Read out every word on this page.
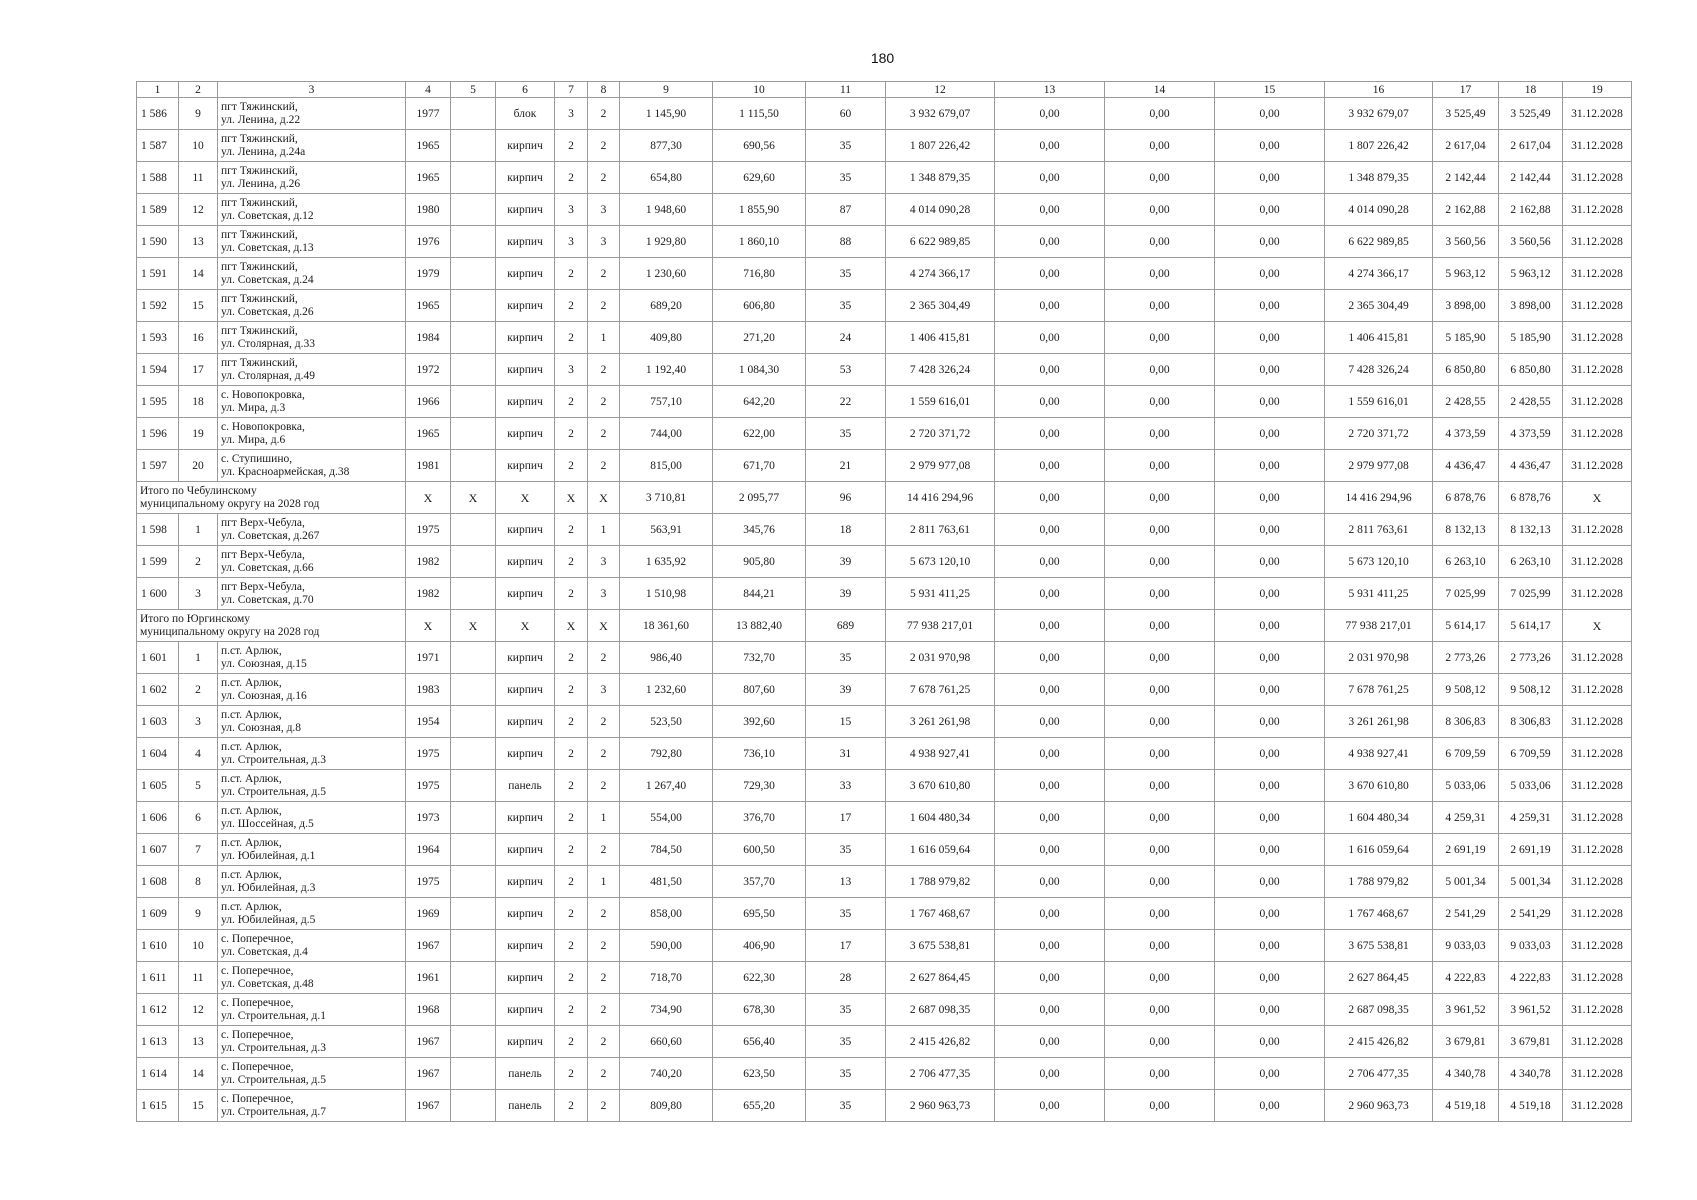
180
1	2	3	4	5	6	7	8	9	10	11	12	13	14	15	16	17	18	19
1 586	9	пгт Тяжинский,
ул. Ленина, д.22	1977		блок	3	2	1 145,90	1 115,50	60	3 932 679,07	0,00	0,00	0,00	3 932 679,07	3 525,49	3 525,49	31.12.2028
1 587	10	пгт Тяжинский,
ул. Ленина, д.24а	1965		кирпич	2	2	877,30	690,56	35	1 807 226,42	0,00	0,00	0,00	1 807 226,42	2 617,04	2 617,04	31.12.2028
1 588	11	пгт Тяжинский,
ул. Ленина, д.26	1965		кирпич	2	2	654,80	629,60	35	1 348 879,35	0,00	0,00	0,00	1 348 879,35	2 142,44	2 142,44	31.12.2028
1 589	12	пгт Тяжинский,
ул. Советская, д.12	1980		кирпич	3	3	1 948,60	1 855,90	87	4 014 090,28	0,00	0,00	0,00	4 014 090,28	2 162,88	2 162,88	31.12.2028
1 590	13	пгт Тяжинский,
ул. Советская, д.13	1976		кирпич	3	3	1 929,80	1 860,10	88	6 622 989,85	0,00	0,00	0,00	6 622 989,85	3 560,56	3 560,56	31.12.2028
1 591	14	пгт Тяжинский,
ул. Советская, д.24	1979		кирпич	2	2	1 230,60	716,80	35	4 274 366,17	0,00	0,00	0,00	4 274 366,17	5 963,12	5 963,12	31.12.2028
1 592	15	пгт Тяжинский,
ул. Советская, д.26	1965		кирпич	2	2	689,20	606,80	35	2 365 304,49	0,00	0,00	0,00	2 365 304,49	3 898,00	3 898,00	31.12.2028
1 593	16	пгт Тяжинский,
ул. Столярная, д.33	1984		кирпич	2	1	409,80	271,20	24	1 406 415,81	0,00	0,00	0,00	1 406 415,81	5 185,90	5 185,90	31.12.2028
1 594	17	пгт Тяжинский,
ул. Столярная, д.49	1972		кирпич	3	2	1 192,40	1 084,30	53	7 428 326,24	0,00	0,00	0,00	7 428 326,24	6 850,80	6 850,80	31.12.2028
1 595	18	с. Новопокровка,
ул. Мира, д.3	1966		кирпич	2	2	757,10	642,20	22	1 559 616,01	0,00	0,00	0,00	1 559 616,01	2 428,55	2 428,55	31.12.2028
1 596	19	с. Новопокровка,
ул. Мира, д.6	1965		кирпич	2	2	744,00	622,00	35	2 720 371,72	0,00	0,00	0,00	2 720 371,72	4 373,59	4 373,59	31.12.2028
1 597	20	с. Ступишино,
ул. Красноармейская, д.38	1981		кирпич	2	2	815,00	671,70	21	2 979 977,08	0,00	0,00	0,00	2 979 977,08	4 436,47	4 436,47	31.12.2028
Итого по Чебулинскому
муниципальному округу на 2028 год			Х	Х	Х	Х	Х	3 710,81	2 095,77	96	14 416 294,96	0,00	0,00	0,00	14 416 294,96	6 878,76	6 878,76	Х
1 598	1	пгт Верх-Чебула,
ул. Советская, д.267	1975		кирпич	2	1	563,91	345,76	18	2 811 763,61	0,00	0,00	0,00	2 811 763,61	8 132,13	8 132,13	31.12.2028
1 599	2	пгт Верх-Чебула,
ул. Советская, д.66	1982		кирпич	2	3	1 635,92	905,80	39	5 673 120,10	0,00	0,00	0,00	5 673 120,10	6 263,10	6 263,10	31.12.2028
1 600	3	пгт Верх-Чебула,
ул. Советская, д.70	1982		кирпич	2	3	1 510,98	844,21	39	5 931 411,25	0,00	0,00	0,00	5 931 411,25	7 025,99	7 025,99	31.12.2028
Итого по Юргинскому
муниципальному округу на 2028 год			Х	Х	Х	Х	Х	18 361,60	13 882,40	689	77 938 217,01	0,00	0,00	0,00	77 938 217,01	5 614,17	5 614,17	Х
1 601	1	п.ст. Арлюк,
ул. Союзная, д.15	1971		кирпич	2	2	986,40	732,70	35	2 031 970,98	0,00	0,00	0,00	2 031 970,98	2 773,26	2 773,26	31.12.2028
1 602	2	п.ст. Арлюк,
ул. Союзная, д.16	1983		кирпич	2	3	1 232,60	807,60	39	7 678 761,25	0,00	0,00	0,00	7 678 761,25	9 508,12	9 508,12	31.12.2028
1 603	3	п.ст. Арлюк,
ул. Союзная, д.8	1954		кирпич	2	2	523,50	392,60	15	3 261 261,98	0,00	0,00	0,00	3 261 261,98	8 306,83	8 306,83	31.12.2028
1 604	4	п.ст. Арлюк,
ул. Строительная, д.3	1975		кирпич	2	2	792,80	736,10	31	4 938 927,41	0,00	0,00	0,00	4 938 927,41	6 709,59	6 709,59	31.12.2028
1 605	5	п.ст. Арлюк,
ул. Строительная, д.5	1975		панель	2	2	1 267,40	729,30	33	3 670 610,80	0,00	0,00	0,00	3 670 610,80	5 033,06	5 033,06	31.12.2028
1 606	6	п.ст. Арлюк,
ул. Шоссейная, д.5	1973		кирпич	2	1	554,00	376,70	17	1 604 480,34	0,00	0,00	0,00	1 604 480,34	4 259,31	4 259,31	31.12.2028
1 607	7	п.ст. Арлюк,
ул. Юбилейная, д.1	1964		кирпич	2	2	784,50	600,50	35	1 616 059,64	0,00	0,00	0,00	1 616 059,64	2 691,19	2 691,19	31.12.2028
1 608	8	п.ст. Арлюк,
ул. Юбилейная, д.3	1975		кирпич	2	1	481,50	357,70	13	1 788 979,82	0,00	0,00	0,00	1 788 979,82	5 001,34	5 001,34	31.12.2028
1 609	9	п.ст. Арлюк,
ул. Юбилейная, д.5	1969		кирпич	2	2	858,00	695,50	35	1 767 468,67	0,00	0,00	0,00	1 767 468,67	2 541,29	2 541,29	31.12.2028
1 610	10	с. Поперечное,
ул. Советская, д.4	1967		кирпич	2	2	590,00	406,90	17	3 675 538,81	0,00	0,00	0,00	3 675 538,81	9 033,03	9 033,03	31.12.2028
1 611	11	с. Поперечное,
ул. Советская, д.48	1961		кирпич	2	2	718,70	622,30	28	2 627 864,45	0,00	0,00	0,00	2 627 864,45	4 222,83	4 222,83	31.12.2028
1 612	12	с. Поперечное,
ул. Строительная, д.1	1968		кирпич	2	2	734,90	678,30	35	2 687 098,35	0,00	0,00	0,00	2 687 098,35	3 961,52	3 961,52	31.12.2028
1 613	13	с. Поперечное,
ул. Строительная, д.3	1967		кирпич	2	2	660,60	656,40	35	2 415 426,82	0,00	0,00	0,00	2 415 426,82	3 679,81	3 679,81	31.12.2028
1 614	14	с. Поперечное,
ул. Строительная, д.5	1967		панель	2	2	740,20	623,50	35	2 706 477,35	0,00	0,00	0,00	2 706 477,35	4 340,78	4 340,78	31.12.2028
1 615	15	с. Поперечное,
ул. Строительная, д.7	1967		панель	2	2	809,80	655,20	35	2 960 963,73	0,00	0,00	0,00	2 960 963,73	4 519,18	4 519,18	31.12.2028
